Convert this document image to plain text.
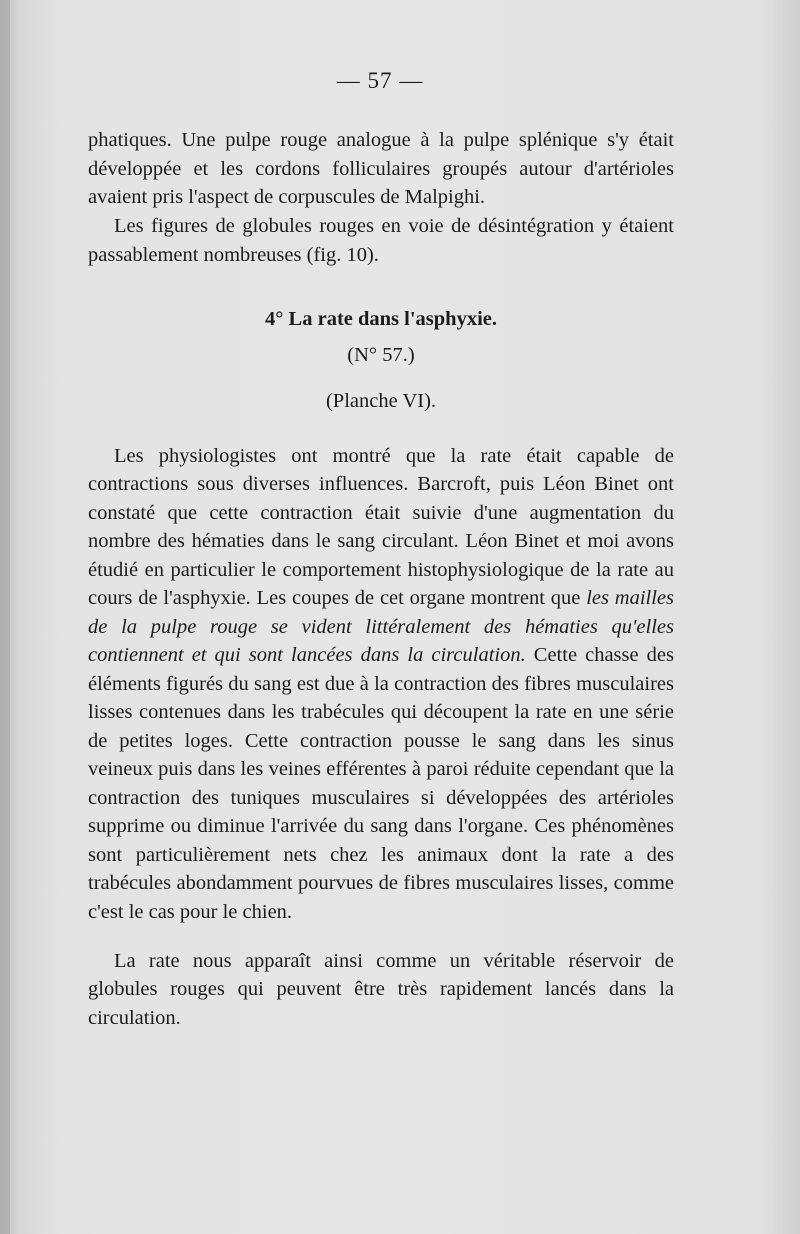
— 57 —

phatiques. Une pulpe rouge analogue à la pulpe splénique s'y était développée et les cordons folliculaires groupés autour d'artérioles avaient pris l'aspect de corpuscules de Malpighi.

Les figures de globules rouges en voie de désintégration y étaient passablement nombreuses (fig. 10).

4° La rate dans l'asphyxie.

(N° 57.)

(Planche VI).

Les physiologistes ont montré que la rate était capable de contractions sous diverses influences. Barcroft, puis Léon Binet ont constaté que cette contraction était suivie d'une augmentation du nombre des hématies dans le sang circulant. Léon Binet et moi avons étudié en particulier le comportement histophysiologique de la rate au cours de l'asphyxie. Les coupes de cet organe montrent que les mailles de la pulpe rouge se vident littéralement des hématies qu'elles contiennent et qui sont lancées dans la circulation. Cette chasse des éléments figurés du sang est due à la contraction des fibres musculaires lisses contenues dans les trabécules qui découpent la rate en une série de petites loges. Cette contraction pousse le sang dans les sinus veineux puis dans les veines efférentes à paroi réduite cependant que la contraction des tuniques musculaires si développées des artérioles supprime ou diminue l'arrivée du sang dans l'organe. Ces phénomènes sont particulièrement nets chez les animaux dont la rate a des trabécules abondamment pourvues de fibres musculaires lisses, comme c'est le cas pour le chien.

La rate nous apparaît ainsi comme un véritable réservoir de globules rouges qui peuvent être très rapidement lancés dans la circulation.
